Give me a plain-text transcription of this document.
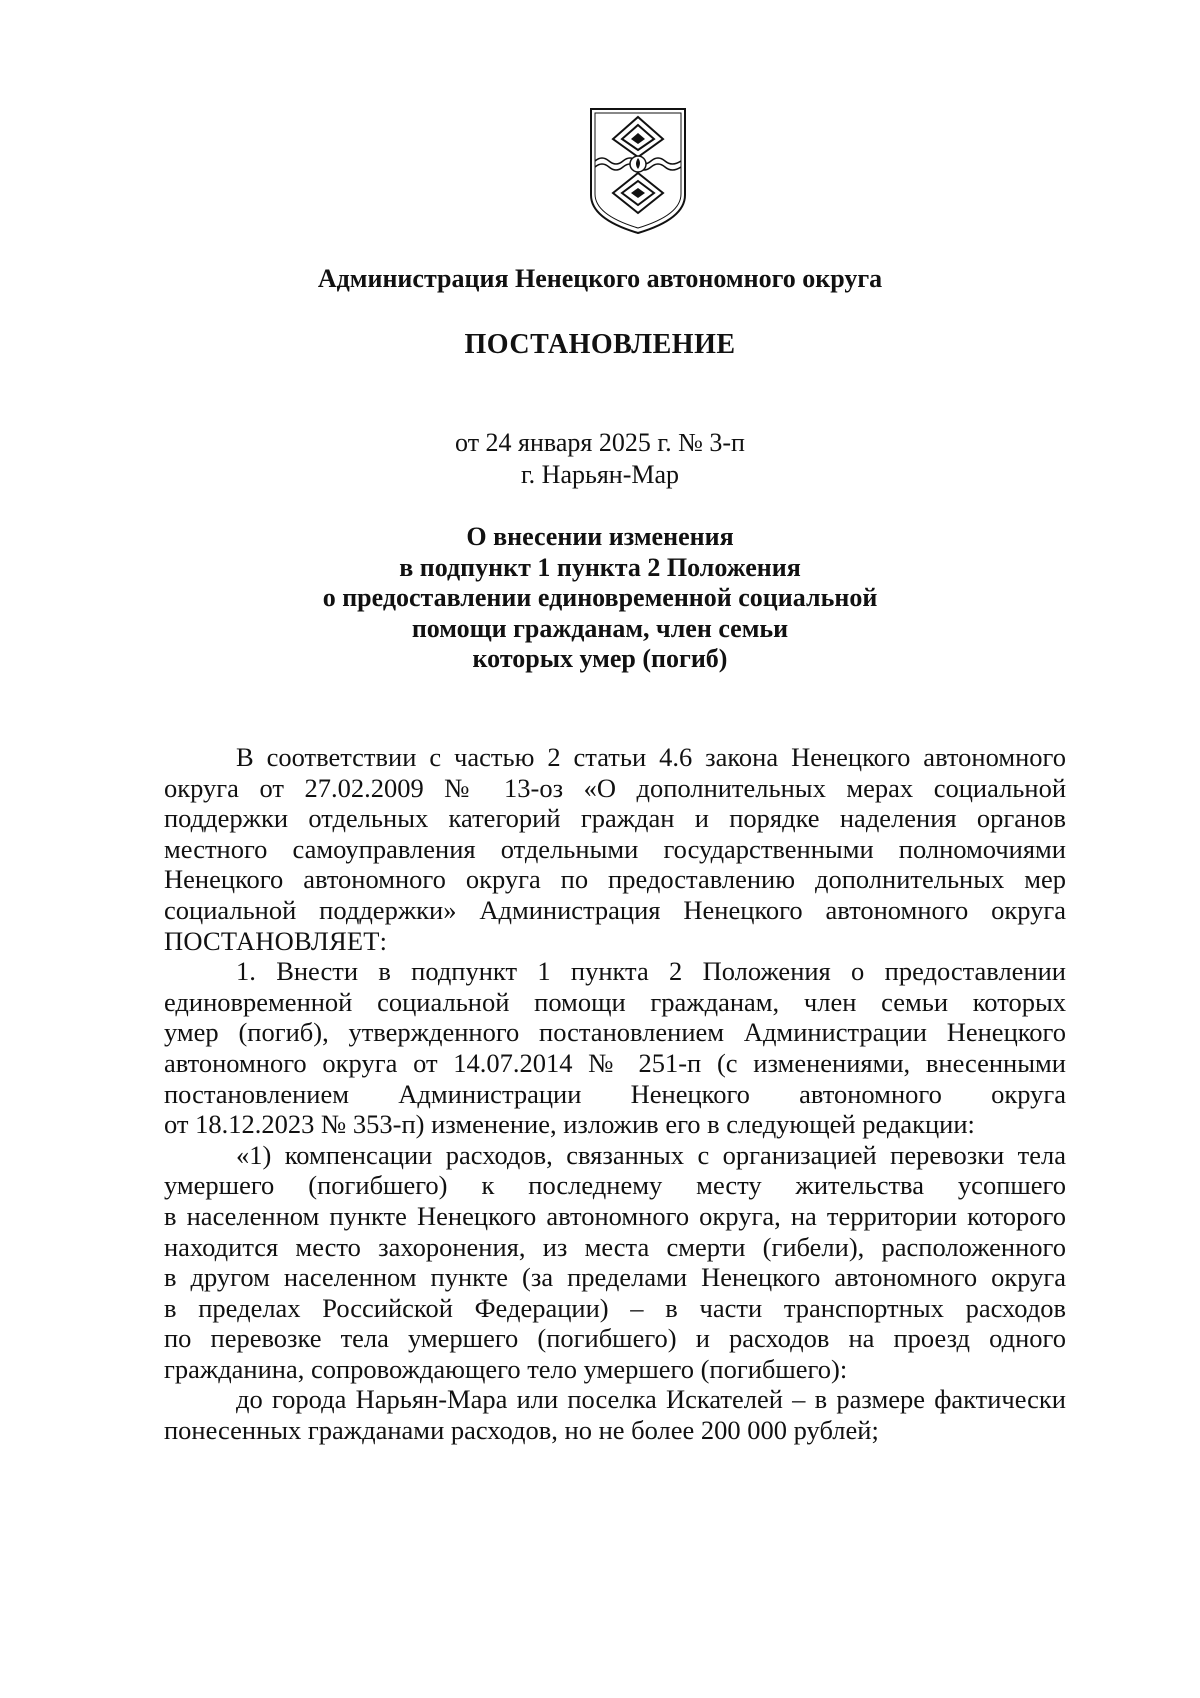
Администрация Ненецкого автономного округа
ПОСТАНОВЛЕНИЕ
от 24 января 2025 г. № 3-п
г. Нарьян-Мар
О внесении изменения
в подпункт 1 пункта 2 Положения
о предоставлении единовременной социальной
помощи гражданам, член семьи
которых умер (погиб)
В соответствии с частью 2 статьи 4.6 закона Ненецкого автономного
округа от 27.02.2009 № 13-оз «О дополнительных мерах социальной
поддержки отдельных категорий граждан и порядке наделения органов
местного самоуправления отдельными государственными полномочиями
Ненецкого автономного округа по предоставлению дополнительных мер
социальной поддержки» Администрация Ненецкого автономного округа
ПОСТАНОВЛЯЕТ:
1. Внести в подпункт 1 пункта 2 Положения о предоставлении
единовременной социальной помощи гражданам, член семьи которых
умер (погиб), утвержденного постановлением Администрации Ненецкого
автономного округа от 14.07.2014 № 251-п (с изменениями, внесенными
постановлением Администрации Ненецкого автономного округа
от 18.12.2023 № 353-п) изменение, изложив его в следующей редакции:
«1) компенсации расходов, связанных с организацией перевозки тела
умершего (погибшего) к последнему месту жительства усопшего
в населенном пункте Ненецкого автономного округа, на территории которого
находится место захоронения, из места смерти (гибели), расположенного
в другом населенном пункте (за пределами Ненецкого автономного округа
в пределах Российской Федерации) – в части транспортных расходов
по перевозке тела умершего (погибшего) и расходов на проезд одного
гражданина, сопровождающего тело умершего (погибшего):
до города Нарьян-Мара или поселка Искателей – в размере фактически
понесенных гражданами расходов, но не более 200 000 рублей;
